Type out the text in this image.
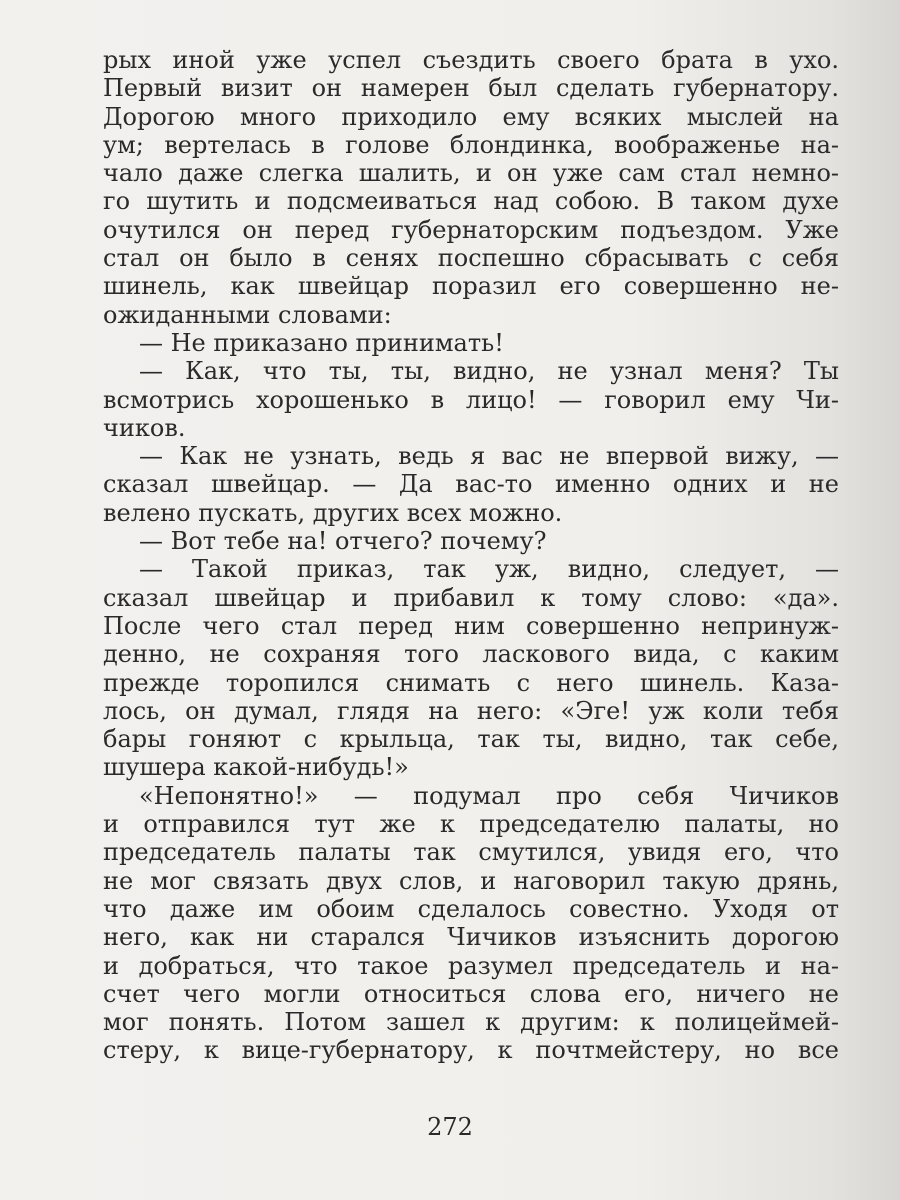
рых иной уже успел съездить своего брата в ухо.
Первый визит он намерен был сделать губернатору.
Дорогою много приходило ему всяких мыслей на
ум; вертелась в голове блондинка, воображенье на-
чало даже слегка шалить, и он уже сам стал немно-
го шутить и подсмеиваться над собою. В таком духе
очутился он перед губернаторским подъездом. Уже
стал он было в сенях поспешно сбрасывать с себя
шинель, как швейцар поразил его совершенно не-
ожиданными словами:
— Не приказано принимать!
— Как, что ты, ты, видно, не узнал меня? Ты
всмотрись хорошенько в лицо! — говорил ему Чи-
чиков.
— Как не узнать, ведь я вас не впервой вижу, —
сказал швейцар. — Да вас-то именно одних и не
велено пускать, других всех можно.
— Вот тебе на! отчего? почему?
— Такой приказ, так уж, видно, следует, —
сказал швейцар и прибавил к тому слово: «да».
После чего стал перед ним совершенно непринуж-
денно, не сохраняя того ласкового вида, с каким
прежде торопился снимать с него шинель. Каза-
лось, он думал, глядя на него: «Эге! уж коли тебя
бары гоняют с крыльца, так ты, видно, так себе,
шушера какой-нибудь!»
«Непонятно!» — подумал про себя Чичиков
и отправился тут же к председателю палаты, но
председатель палаты так смутился, увидя его, что
не мог связать двух слов, и наговорил такую дрянь,
что даже им обоим сделалось совестно. Уходя от
него, как ни старался Чичиков изъяснить дорогою
и добраться, что такое разумел председатель и на-
счет чего могли относиться слова его, ничего не
мог понять. Потом зашел к другим: к полицеймей-
стеру, к вице-губернатору, к почтмейстеру, но все
272
